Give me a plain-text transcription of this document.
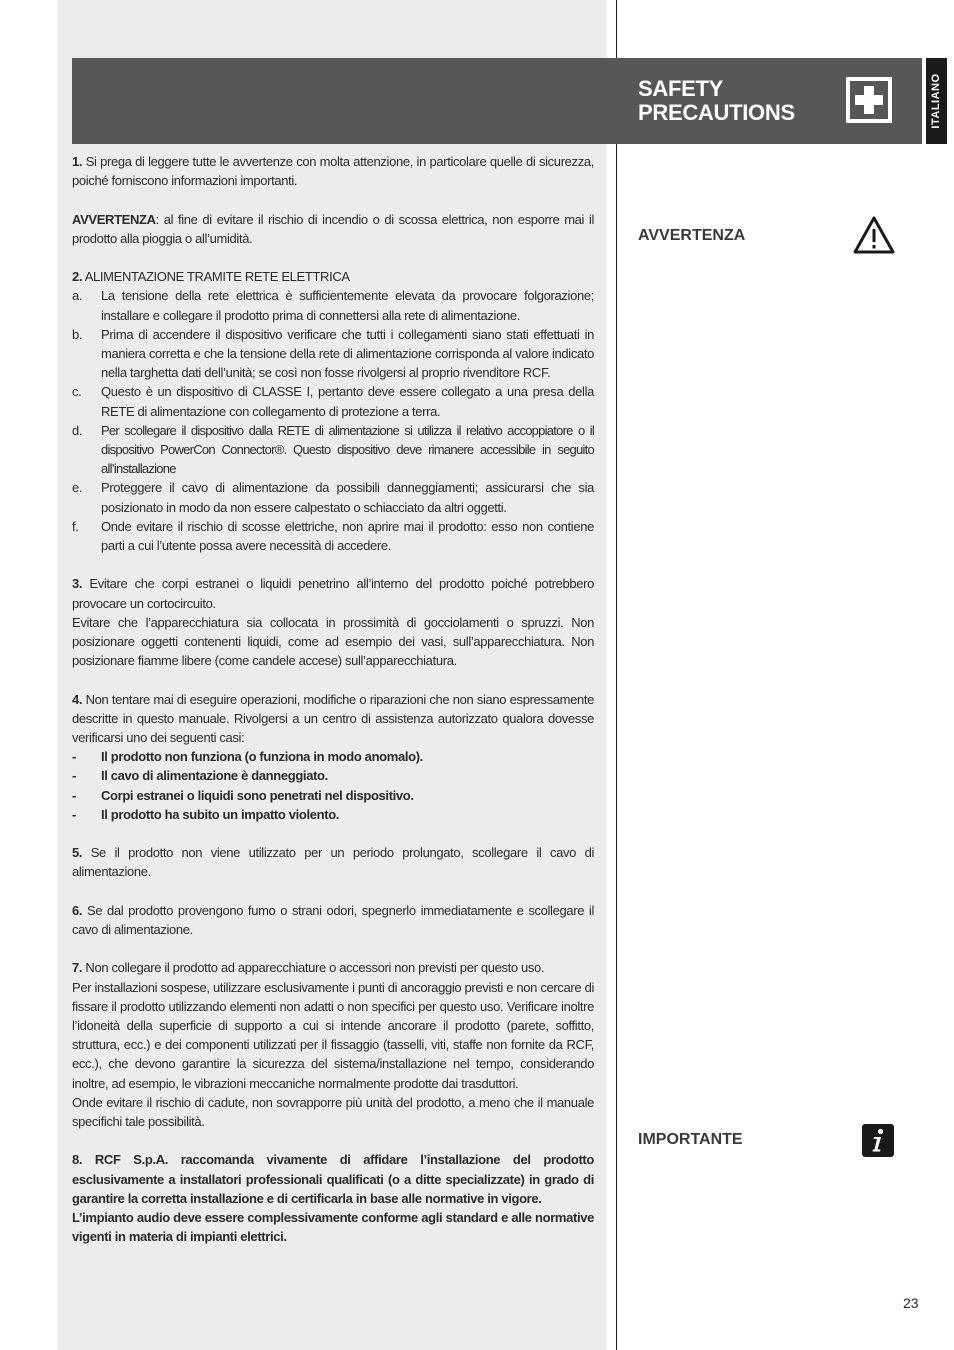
SAFETY
PRECAUTIONS	ITALIANO

1. Si prega di leggere tutte le avvertenze con molta attenzione, in particolare quelle di sicurezza, poiché forniscono informazioni importanti.

AVVERTENZA: al fine di evitare il rischio di incendio o di scossa elettrica, non esporre mai il prodotto alla pioggia o all’umidità.

2. ALIMENTAZIONE TRAMITE RETE ELETTRICA

a. La tensione della rete elettrica è sufficientemente elevata da provocare folgorazione; installare e collegare il prodotto prima di connettersi alla rete di alimentazione.
b. Prima di accendere il dispositivo verificare che tutti i collegamenti siano stati effettuati in maniera corretta e che la tensione della rete di alimentazione corrisponda al valore indicato nella targhetta dati dell’unità; se così non fosse rivolgersi al proprio rivenditore RCF.
c. Questo è un dispositivo di CLASSE I, pertanto deve essere collegato a una presa della RETE di alimentazione con collegamento di protezione a terra.
d. Per scollegare il dispositivo dalla RETE di alimentazione si utilizza il relativo accoppiatore o il dispositivo PowerCon Connector®. Questo dispositivo deve rimanere accessibile in seguito all’installazione
e. Proteggere il cavo di alimentazione da possibili danneggiamenti; assicurarsi che sia posizionato in modo da non essere calpestato o schiacciato da altri oggetti.
f. Onde evitare il rischio di scosse elettriche, non aprire mai il prodotto: esso non contiene parti a cui l’utente possa avere necessità di accedere.

3. Evitare che corpi estranei o liquidi penetrino all’interno del prodotto poiché potrebbero provocare un cortocircuito.

Evitare che l’apparecchiatura sia collocata in prossimità di gocciolamenti o spruzzi. Non posizionare oggetti contenenti liquidi, come ad esempio dei vasi, sull’apparecchiatura. Non posizionare fiamme libere (come candele accese) sull’apparecchiatura.

4. Non tentare mai di eseguire operazioni, modifiche o riparazioni che non siano espressamente descritte in questo manuale. Rivolgersi a un centro di assistenza autorizzato qualora dovesse verificarsi uno dei seguenti casi:

- Il prodotto non funziona (o funziona in modo anomalo).
- Il cavo di alimentazione è danneggiato.
- Corpi estranei o liquidi sono penetrati nel dispositivo.
- Il prodotto ha subito un impatto violento.

5. Se il prodotto non viene utilizzato per un periodo prolungato, scollegare il cavo di alimentazione.

6. Se dal prodotto provengono fumo o strani odori, spegnerlo immediatamente e scollegare il cavo di alimentazione.

7. Non collegare il prodotto ad apparecchiature o accessori non previsti per questo uso.

Per installazioni sospese, utilizzare esclusivamente i punti di ancoraggio previsti e non cercare di fissare il prodotto utilizzando elementi non adatti o non specifici per questo uso. Verificare inoltre l’idoneità della superficie di supporto a cui si intende ancorare il prodotto (parete, soffitto, struttura, ecc.) e dei componenti utilizzati per il fissaggio (tasselli, viti, staffe non fornite da RCF, ecc.), che devono garantire la sicurezza del sistema/installazione nel tempo, considerando inoltre, ad esempio, le vibrazioni meccaniche normalmente prodotte dai trasduttori.

Onde evitare il rischio di cadute, non sovrapporre più unità del prodotto, a meno che il manuale specifichi tale possibilità.

8. RCF S.p.A. raccomanda vivamente di affidare l’installazione del prodotto esclusivamente a installatori professionali qualificati (o a ditte specializzate) in grado di garantire la corretta installazione e di certificarla in base alle normative in vigore.

L’impianto audio deve essere complessivamente conforme agli standard e alle normative vigenti in materia di impianti elettrici.

AVVERTENZA
IMPORTANTE
23
